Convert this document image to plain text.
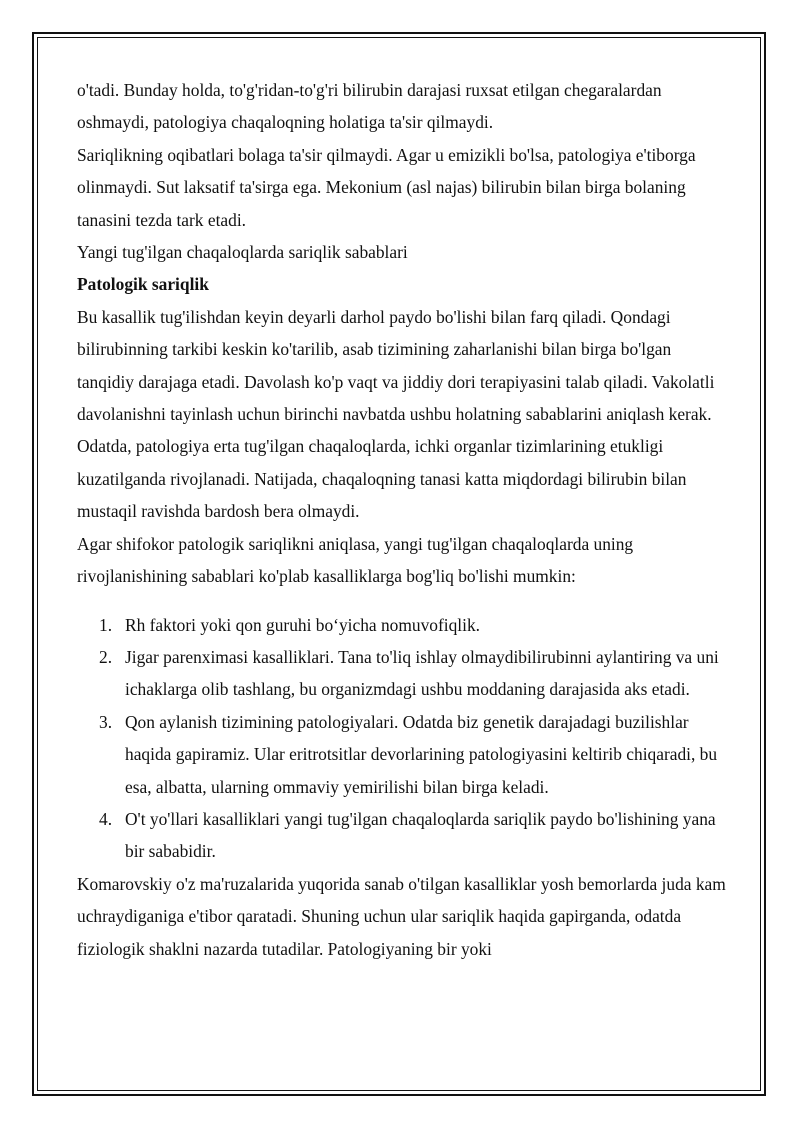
o'tadi. Bunday holda, to'g'ridan-to'g'ri bilirubin darajasi ruxsat etilgan chegaralardan oshmaydi, patologiya chaqaloqning holatiga ta'sir qilmaydi.

Sariqlikning oqibatlari bolaga ta'sir qilmaydi. Agar u emizikli bo'lsa, patologiya e'tiborga olinmaydi. Sut laksatif ta'sirga ega. Mekonium (asl najas) bilirubin bilan birga bolaning tanasini tezda tark etadi.

Yangi tug'ilgan chaqaloqlarda sariqlik sabablari

Patologik sariqlik

Bu kasallik tug'ilishdan keyin deyarli darhol paydo bo'lishi bilan farq qiladi. Qondagi bilirubinning tarkibi keskin ko'tarilib, asab tizimining zaharlanishi bilan birga bo'lgan tanqidiy darajaga etadi. Davolash ko'p vaqt va jiddiy dori terapiyasini talab qiladi. Vakolatli davolanishni tayinlash uchun birinchi navbatda ushbu holatning sabablarini aniqlash kerak. Odatda, patologiya erta tug'ilgan chaqaloqlarda, ichki organlar tizimlarining etukligi kuzatilganda rivojlanadi. Natijada, chaqaloqning tanasi katta miqdordagi bilirubin bilan mustaqil ravishda bardosh bera olmaydi.

Agar shifokor patologik sariqlikni aniqlasa, yangi tug'ilgan chaqaloqlarda uning rivojlanishining sabablari ko'plab kasalliklarga bog'liq bo'lishi mumkin:

1. Rh faktori yoki qon guruhi bo‘yicha nomuvofiqlik.
2. Jigar parenximasi kasalliklari. Tana to'liq ishlay olmaydibilirubinni aylantiring va uni ichaklarga olib tashlang, bu organizmdagi ushbu moddaning darajasida aks etadi.
3. Qon aylanish tizimining patologiyalari. Odatda biz genetik darajadagi buzilishlar haqida gapiramiz. Ular eritrotsitlar devorlarining patologiyasini keltirib chiqaradi, bu esa, albatta, ularning ommaviy yemirilishi bilan birga keladi.
4. O't yo'llari kasalliklari yangi tug'ilgan chaqaloqlarda sariqlik paydo bo'lishining yana bir sababidir.

Komarovskiy o'z ma'ruzalarida yuqorida sanab o'tilgan kasalliklar yosh bemorlarda juda kam uchraydiganiga e'tibor qaratadi. Shuning uchun ular sariqlik haqida gapirganda, odatda fiziologik shaklni nazarda tutadilar. Patologiyaning bir yoki
